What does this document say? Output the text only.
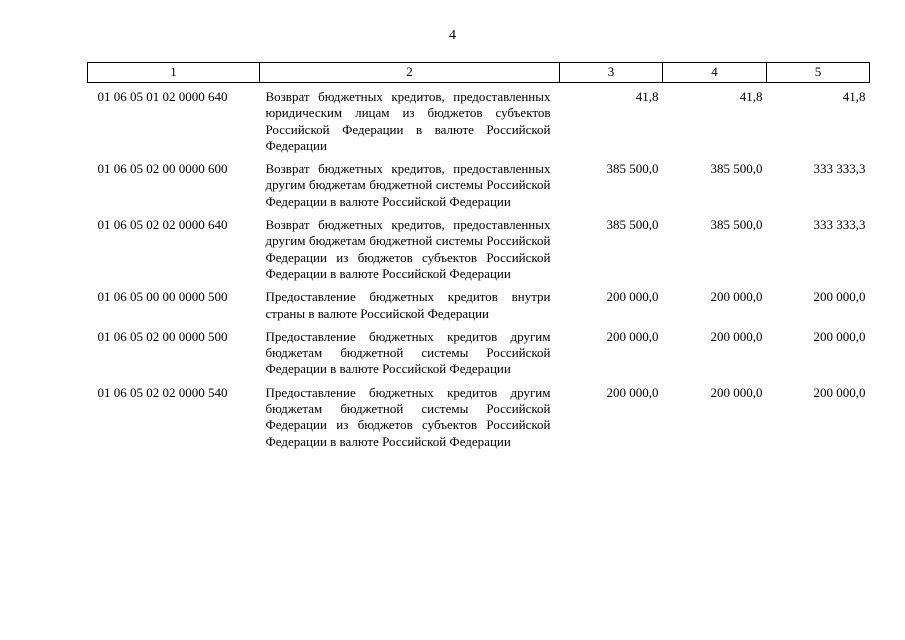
4
1	2	3	4	5
01 06 05 01 02 0000 640	Возврат бюджетных кредитов, предоставленных юридическим лицам из бюджетов субъектов Российской Федерации в валюте Российской Федерации	41,8	41,8	41,8
01 06 05 02 00 0000 600	Возврат бюджетных кредитов, предоставленных другим бюджетам бюджетной системы Российской Федерации в валюте Российской Федерации	385 500,0	385 500,0	333 333,3
01 06 05 02 02 0000 640	Возврат бюджетных кредитов, предоставленных другим бюджетам бюджетной системы Российской Федерации из бюджетов субъектов Российской Федерации в валюте Российской Федерации	385 500,0	385 500,0	333 333,3
01 06 05 00 00 0000 500	Предоставление бюджетных кредитов внутри страны в валюте Российской Федерации	200 000,0	200 000,0	200 000,0
01 06 05 02 00 0000 500	Предоставление бюджетных кредитов другим бюджетам бюджетной системы Российской Федерации в валюте Российской Федерации	200 000,0	200 000,0	200 000,0
01 06 05 02 02 0000 540	Предоставление бюджетных кредитов другим бюджетам бюджетной системы Российской Федерации из бюджетов субъектов Российской Федерации в валюте Российской Федерации	200 000,0	200 000,0	200 000,0
